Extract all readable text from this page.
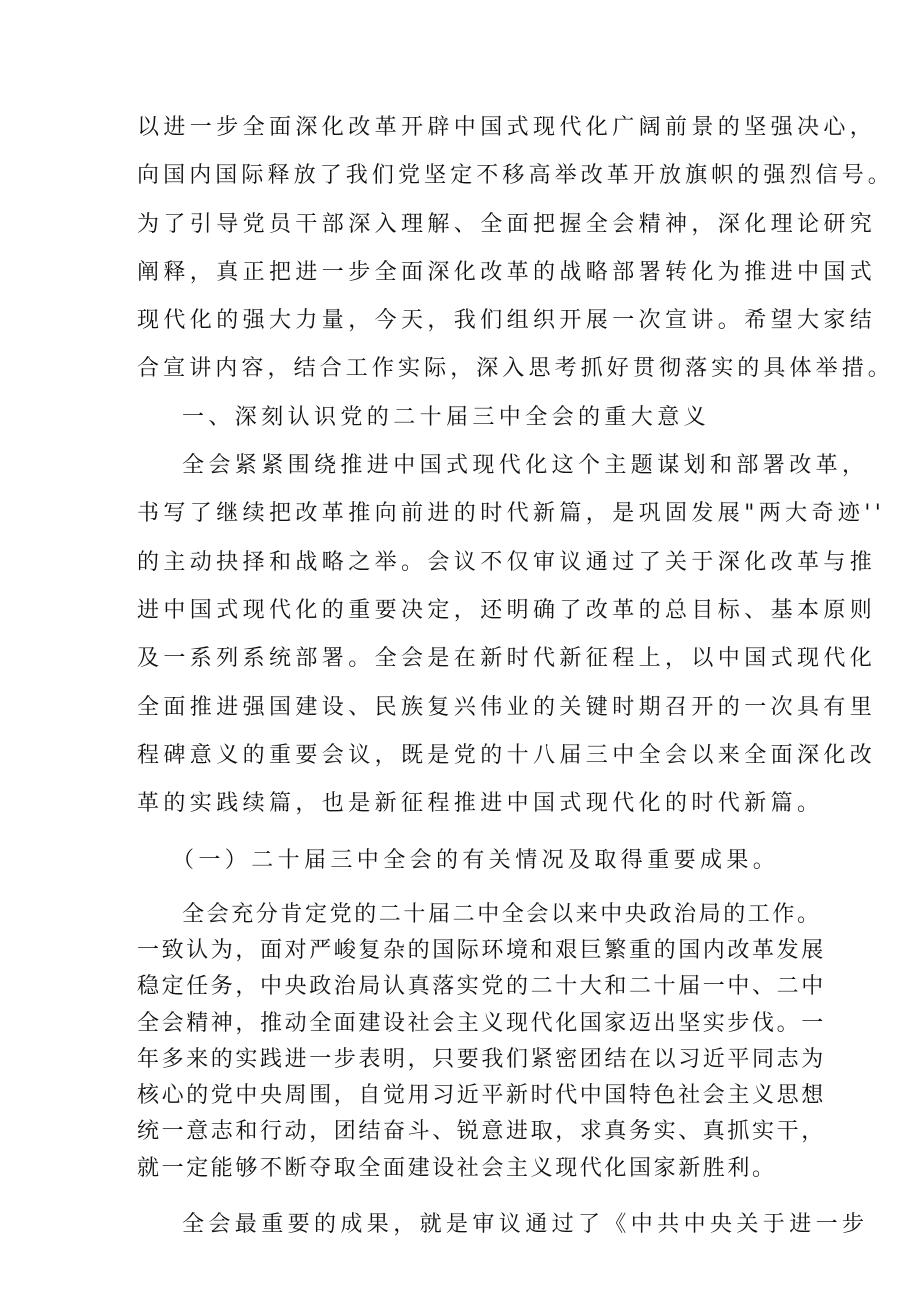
以进一步全面深化改革开辟中国式现代化广阔前景的坚强决心，
向国内国际释放了我们党坚定不移高举改革开放旗帜的强烈信号。
为了引导党员干部深入理解、全面把握全会精神，深化理论研究
阐释，真正把进一步全面深化改革的战略部署转化为推进中国式
现代化的强大力量，今天，我们组织开展一次宣讲。希望大家结
合宣讲内容，结合工作实际，深入思考抓好贯彻落实的具体举措。
一、深刻认识党的二十届三中全会的重大意义
全会紧紧围绕推进中国式现代化这个主题谋划和部署改革，
书写了继续把改革推向前进的时代新篇，是巩固发展"两大奇迹''
的主动抉择和战略之举。会议不仅审议通过了关于深化改革与推
进中国式现代化的重要决定，还明确了改革的总目标、基本原则
及一系列系统部署。全会是在新时代新征程上，以中国式现代化
全面推进强国建设、民族复兴伟业的关键时期召开的一次具有里
程碑意义的重要会议，既是党的十八届三中全会以来全面深化改
革的实践续篇，也是新征程推进中国式现代化的时代新篇。
（一）二十届三中全会的有关情况及取得重要成果。
全会充分肯定党的二十届二中全会以来中央政治局的工作。
一致认为，面对严峻复杂的国际环境和艰巨繁重的国内改革发展
稳定任务，中央政治局认真落实党的二十大和二十届一中、二中
全会精神，推动全面建设社会主义现代化国家迈出坚实步伐。一
年多来的实践进一步表明，只要我们紧密团结在以习近平同志为
核心的党中央周围，自觉用习近平新时代中国特色社会主义思想
统一意志和行动，团结奋斗、锐意进取，求真务实、真抓实干，
就一定能够不断夺取全面建设社会主义现代化国家新胜利。
全会最重要的成果，就是审议通过了《中共中央关于进一步
